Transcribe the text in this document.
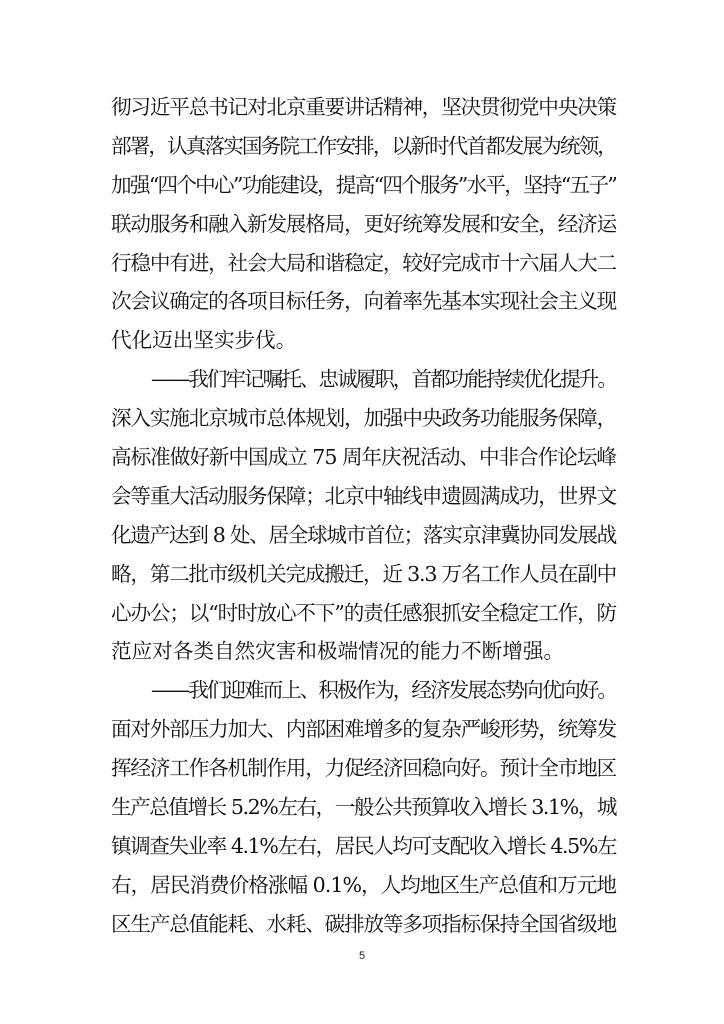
彻习近平总书记对北京重要讲话精神，坚决贯彻党中央决策
部署，认真落实国务院工作安排，以新时代首都发展为统领，
加强“四个中心”功能建设，提高“四个服务”水平，坚持“五子”
联动服务和融入新发展格局，更好统筹发展和安全，经济运
行稳中有进，社会大局和谐稳定，较好完成市十六届人大二
次会议确定的各项目标任务，向着率先基本实现社会主义现
代化迈出坚实步伐。
——我们牢记嘱托、忠诚履职，首都功能持续优化提升。
深入实施北京城市总体规划，加强中央政务功能服务保障，
高标准做好新中国成立 75 周年庆祝活动、中非合作论坛峰
会等重大活动服务保障；北京中轴线申遗圆满成功，世界文
化遗产达到 8 处、居全球城市首位；落实京津冀协同发展战
略，第二批市级机关完成搬迁，近 3.3 万名工作人员在副中
心办公；以“时时放心不下”的责任感狠抓安全稳定工作，防
范应对各类自然灾害和极端情况的能力不断增强。
——我们迎难而上、积极作为，经济发展态势向优向好。
面对外部压力加大、内部困难增多的复杂严峻形势，统筹发
挥经济工作各机制作用，力促经济回稳向好。预计全市地区
生产总值增长 5.2%左右，一般公共预算收入增长 3.1%，城
镇调查失业率 4.1%左右，居民人均可支配收入增长 4.5%左
右，居民消费价格涨幅 0.1%，人均地区生产总值和万元地
区生产总值能耗、水耗、碳排放等多项指标保持全国省级地
5
